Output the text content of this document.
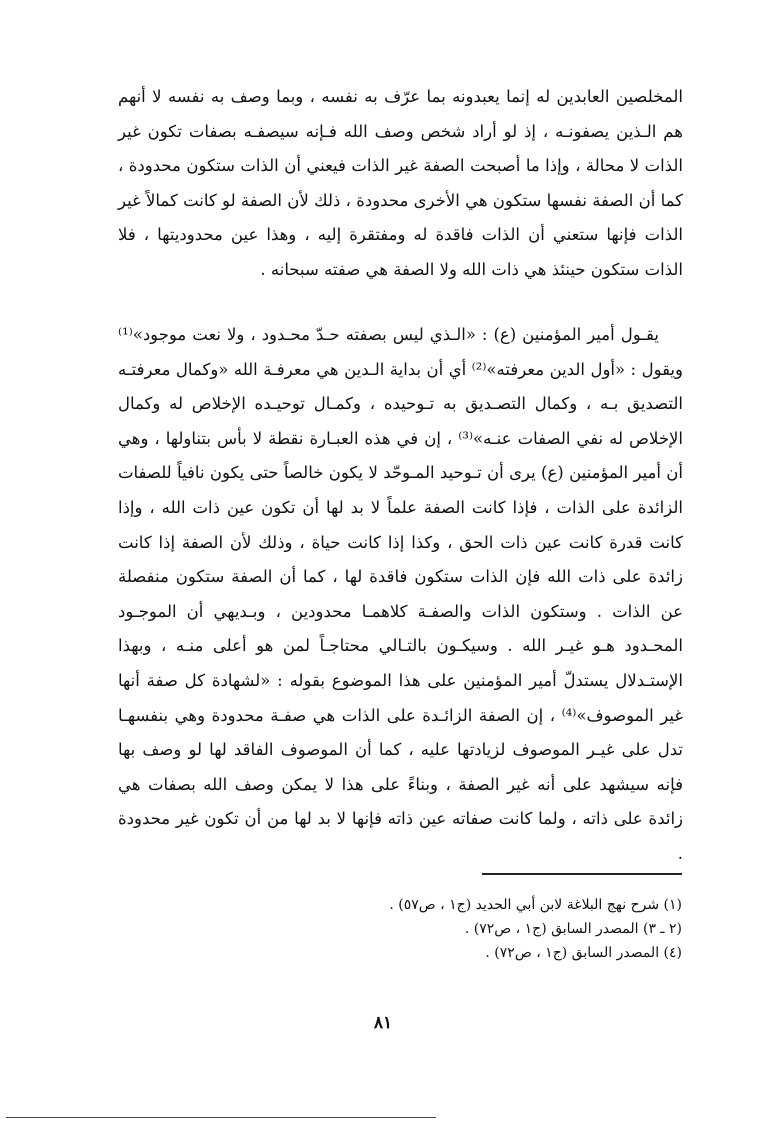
المخلصين العابدين له إنما يعبدونه بما عرّف به نفسه ، وبما وصف به نفسه لا أنهم هم الـذين يصفونـه ، إذ لو أراد شخص وصف الله فـإنه سيصفـه بصفات تكون غير الذات لا محالة ، وإذا ما أصبحت الصفة غير الذات فيعني أن الذات ستكون محدودة ، كما أن الصفة نفسها ستكون هي الأخرى محدودة ، ذلك لأن الصفة لو كانت كمالاً غير الذات فإنها ستعني أن الذات فاقدة له ومفتقرة إليه ، وهذا عين محدوديتها ، فلا الذات ستكون حينئذ هي ذات الله ولا الصفة هي صفته سبحانه .

يقـول أمير المؤمنين (ع) : «الـذي ليس بصفته حـدّ محـدود ، ولا نعت موجود»⁽¹⁾ ويقول : «أول الدين معرفته»⁽²⁾ أي أن بداية الـدين هي معرفـة الله «وكمال معرفتـه التصديق بـه ، وكمال التصـديق به تـوحيده ، وكمـال توحيـده الإخلاص له وكمال الإخلاص له نفي الصفات عنـه»⁽³⁾ ، إن في هذه العبـارة نقطة لا بأس بتناولها ، وهي أن أمير المؤمنين (ع) يرى أن تـوحيد المـوحّد لا يكون خالصاً حتى يكون نافياً للصفات الزائدة على الذات ، فإذا كانت الصفة علماً لا بد لها أن تكون عين ذات الله ، وإذا كانت قدرة كانت عين ذات الحق ، وكذا إذا كانت حياة ، وذلك لأن الصفة إذا كانت زائدة على ذات الله فإن الذات ستكون فاقدة لها ، كما أن الصفة ستكون منفصلة عن الذات . وستكون الذات والصفـة كلاهمـا محدودين ، وبـديهي أن الموجـود المحـدود هـو غيـر الله . وسيكـون بالتـالي محتاجـاً لمن هو أعلى منـه ، وبهذا الإستـدلال يستدلّ أمير المؤمنين على هذا الموضوع بقوله : «لشهادة كل صفة أنها غير الموصوف»⁽⁴⁾ ، إن الصفة الزائـدة على الذات هي صفـة محدودة وهي بنفسهـا تدل على غيـر الموصوف لزيادتها عليه ، كما أن الموصوف الفاقد لها لو وصف بها فإنه سيشهد على أنه غير الصفة ، وبناءً على هذا لا يمكن وصف الله بصفات هي زائدة على ذاته ، ولما كانت صفاته عين ذاته فإنها لا بد لها من أن تكون غير محدودة .

(١) شرح نهج البلاغة لابن أبي الحديد (ج١ ، ص٥٧) .
(٢ ـ ٣) المصدر السابق (ج١ ، ص٧٢) .
(٤) المصدر السابق (ج١ ، ص٧٢) .
٨١
